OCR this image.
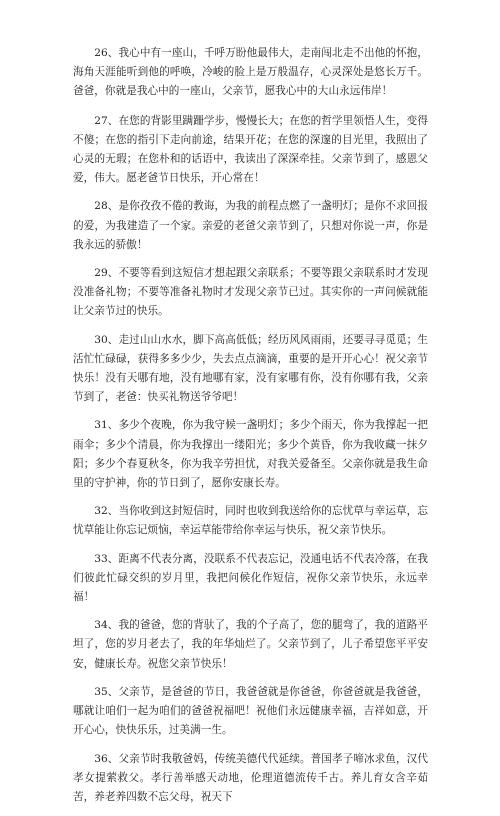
26、我心中有一座山，千呼万盼他最伟大，走南闯北走不出他的怀抱，海角天涯能听到他的呼唤，冷峻的脸上是万般温存，心灵深处是悠长万千。爸爸，你就是我心中的一座山，父亲节，愿我心中的大山永远伟岸！

27、在您的背影里蹒跚学步，慢慢长大；在您的哲学里领悟人生，变得不傻；在您的指引下走向前途，结果开花；在您的深邃的目光里，我照出了心灵的无瑕；在您朴和的话语中，我读出了深深牵挂。父亲节到了，感恩父爱，伟大。愿老爸节日快乐，开心常在！

28、是你孜孜不倦的教诲，为我的前程点燃了一盏明灯；是你不求回报的爱，为我建造了一个家。亲爱的老爸父亲节到了，只想对你说一声，你是我永远的骄傲！

29、不要等看到这短信才想起跟父亲联系；不要等跟父亲联系时才发现没准备礼物；不要等准备礼物时才发现父亲节已过。其实你的一声问候就能让父亲节过的快乐。

30、走过山山水水，脚下高高低低；经历风风雨雨，还要寻寻觅觅；生活忙忙碌碌，获得多多少少，失去点点滴滴，重要的是开开心心！祝父亲节快乐！没有天哪有地，没有地哪有家，没有家哪有你，没有你哪有我，父亲节到了，老爸：快买礼物送爷爷吧！

31、多少个夜晚，你为我守候一盏明灯；多少个雨天，你为我撑起一把雨伞；多少个清晨，你为我撑出一缕阳光；多少个黄昏，你为我收藏一抹夕阳；多少个春夏秋冬，你为我辛劳担忧，对我关爱备至。父亲你就是我生命里的守护神，你的节日到了，愿你安康长寿。

32、当你收到这封短信时，同时也收到我送给你的忘忧草与幸运草，忘忧草能让你忘记烦恼，幸运草能带给你幸运与快乐，祝父亲节快乐。

33、距离不代表分离，没联系不代表忘记，没通电话不代表冷落，在我们彼此忙碌交织的岁月里，我把问候化作短信，祝你父亲节快乐，永远幸福！

34、我的爸爸，您的背驮了，我的个子高了，您的腿弯了，我的道路平坦了，您的岁月老去了，我的年华灿烂了。父亲节到了，儿子希望您平平安安，健康长寿。祝您父亲节快乐！

35、父亲节，是爸爸的节日，我爸爸就是你爸爸，你爸爸就是我爸爸，哪就让咱们一起为咱们的爸爸祝福吧！祝他们永远健康幸福，吉祥如意，开开心心，快快乐乐，过美满一生。

36、父亲节时我敬爸妈，传统美德代代延续。普国孝子啼冰求鱼，汉代孝女提萦救父。孝行善举感天动地，伦理道德流传千古。养儿育女含辛茹苦，养老养四数不忘父母，祝天下
